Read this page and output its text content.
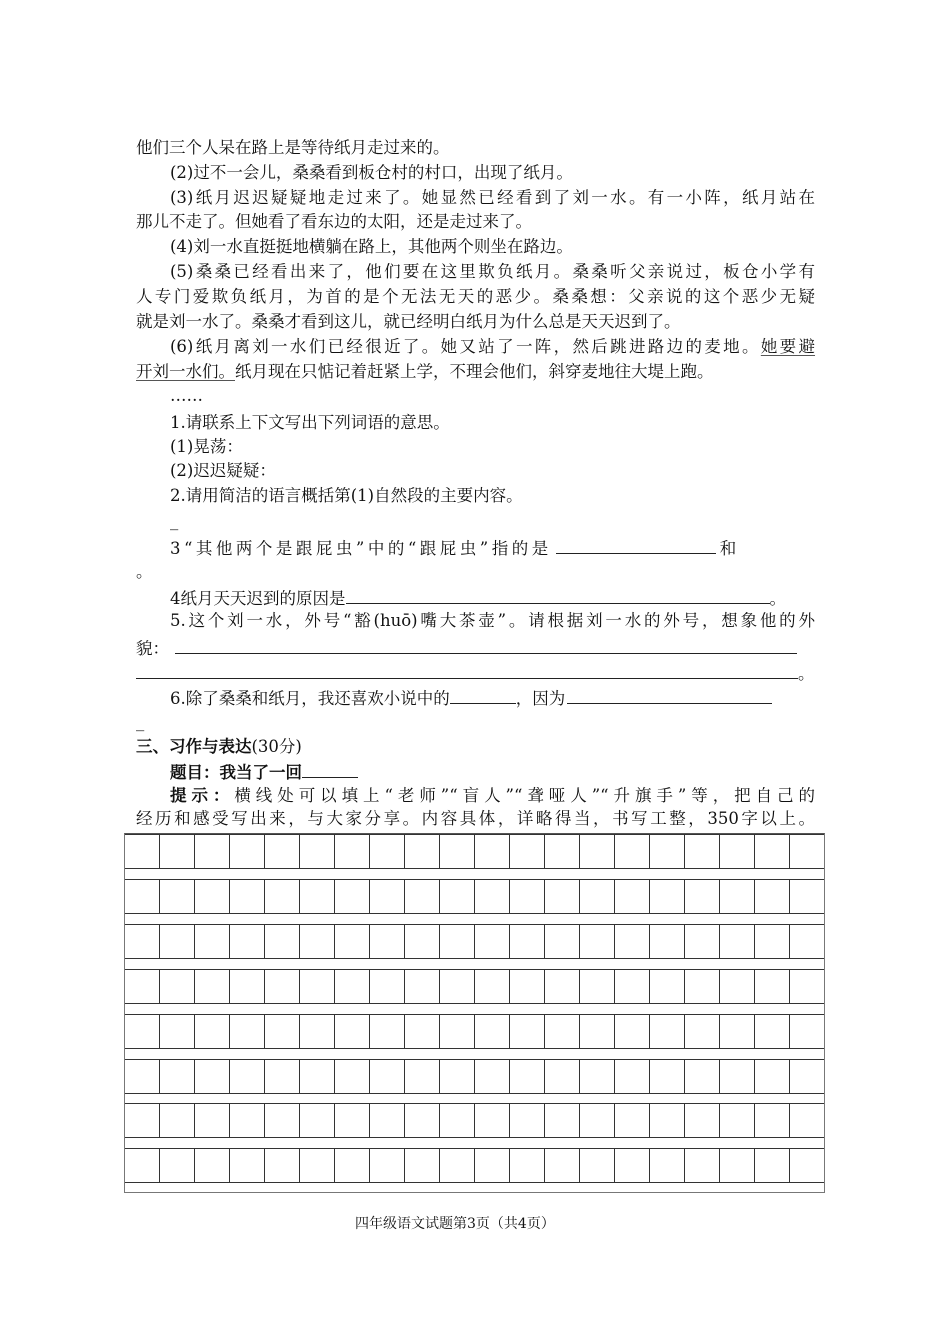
他们三个人呆在路上是等待纸月走过来的。
(2)过不一会儿，桑桑看到板仓村的村口，出现了纸月。
(3)纸月迟迟疑疑地走过来了。她显然已经看到了刘一水。有一小阵，纸月站在
那儿不走了。但她看了看东边的太阳，还是走过来了。
(4)刘一水直挺挺地横躺在路上，其他两个则坐在路边。
(5)桑桑已经看出来了，他们要在这里欺负纸月。桑桑听父亲说过，板仓小学有
人专门爱欺负纸月，为首的是个无法无天的恶少。桑桑想：父亲说的这个恶少无疑
就是刘一水了。桑桑才看到这儿，就已经明白纸月为什么总是天天迟到了。
(6)纸月离刘一水们已经很近了。她又站了一阵，然后跳进路边的麦地。她要避
开刘一水们。纸月现在只惦记着赶紧上学，不理会他们，斜穿麦地往大堤上跑。
……
1.请联系上下文写出下列词语的意思。
(1)晃荡：
(2)迟迟疑疑：
2.请用简洁的语言概括第(1)自然段的主要内容。
_
3“其他两个是跟屁虫”中的“跟屁虫”指的是	和
。
4纸月天天迟到的原因是	。
5.这个刘一水，外号“豁(huō)嘴大茶壶”。请根据刘一水的外号，想象他的外
貌：
。
6.除了桑桑和纸月，我还喜欢小说中的	，因为
_
三、习作与表达(30分)
题目：我当了一回
提示：横线处可以填上“老师”“盲人”“聋哑人”“升旗手”等，把自己的
经历和感受写出来，与大家分享。内容具体，详略得当，书写工整，350字以上。
四年级语文试题第3页（共4页）
